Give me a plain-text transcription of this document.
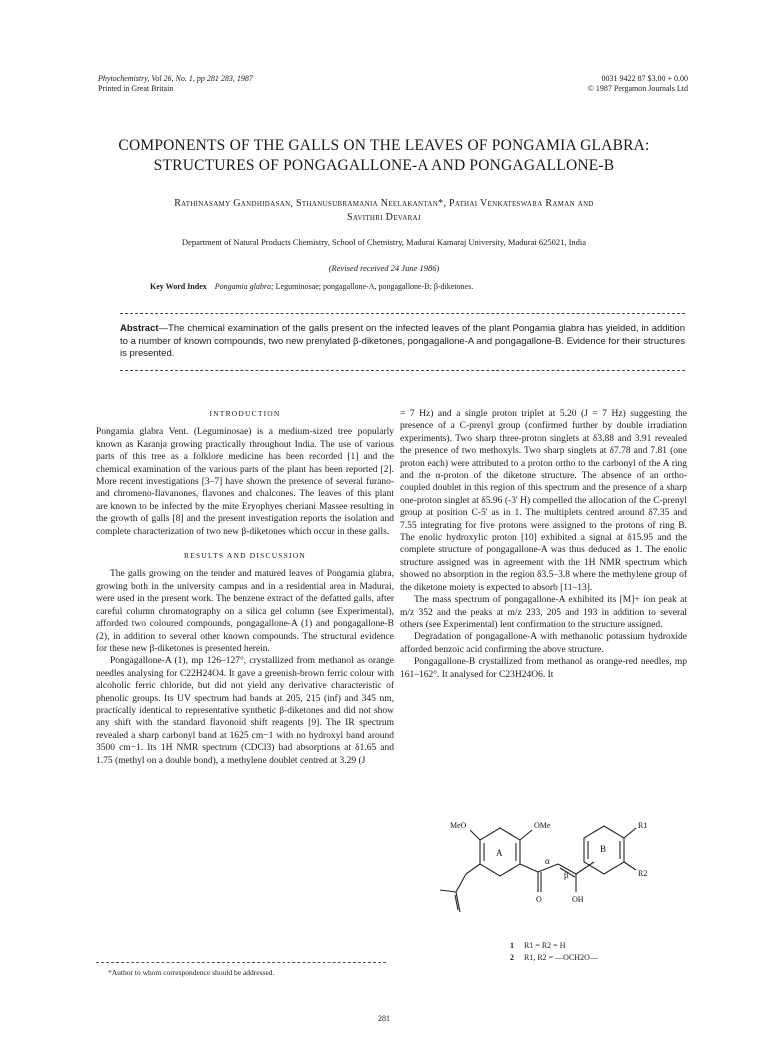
Phytochemistry, Vol 26, No. 1, pp 281 283, 1987
Printed in Great Britain
0031 9422 87 $3.00 + 0.00
© 1987 Pergamon Journals Ltd
COMPONENTS OF THE GALLS ON THE LEAVES OF PONGAMIA GLABRA:
STRUCTURES OF PONGAGALLONE-A AND PONGAGALLONE-B
Rathinasamy Gandhidasan, Sthanusubramania Neelakantan*, Pathai Venkateswara Raman and
Savithri Devaraj
Department of Natural Products Chemistry, School of Chemistry, Madurai Kamaraj University, Madurai 625021, India
(Revised received 24 June 1986)
Key Word Index Pongamia glabra; Leguminosae; pongagallone-A, pongagallone-B; β-diketones.
Abstract—The chemical examination of the galls present on the infected leaves of the plant Pongamia glabra has yielded, in addition to a number of known compounds, two new prenylated β-diketones, pongagallone-A and pongagallone-B. Evidence for their structures is presented.
INTRODUCTION

Pongamia glabra Vent. (Leguminosae) is a medium-sized tree popularly known as Karanja growing practically throughout India. The use of various parts of this tree as a folklore medicine has been recorded [1] and the chemical examination of the various parts of the plant has been reported [2]. More recent investigations [3–7] have shown the presence of several furano- and chromeno-flavanones, flavones and chalcones. The leaves of this plant are known to be infected by the mite Eryophyes cheriani Massee resulting in the growth of galls [8] and the present investigation reports the isolation and complete characterization of two new β-diketones which occur in these galls.

RESULTS AND DISCUSSION

The galls growing on the tender and matured leaves of Pongamia glabra, growing both in the university campus and in a residential area in Madurai, were used in the present work. The benzene extract of the defatted galls, after careful column chromatography on a silica gel column (see Experimental), afforded two coloured compounds, pongagallone-A (1) and pongagallone-B (2), in addition to several other known compounds. The structural evidence for these new β-diketones is presented herein.

Pongagallone-A (1), mp 126–127°, crystallized from methanol as orange needles analysing for C22H24O4. It gave a greenish-brown ferric colour with alcoholic ferric chloride, but did not yield any derivative characteristic of phenolic groups. Its UV spectrum had bands at 205, 215 (inf) and 345 nm, practically identical to representative synthetic β-diketones and did not show any shift with the standard flavonoid shift reagents [9]. The IR spectrum revealed a sharp carbonyl band at 1625 cm−1 with no hydroxyl band around 3500 cm−1. Its 1H NMR spectrum (CDCl3) had absorptions at δ1.65 and 1.75 (methyl on a double bond), a methylene doublet centred at 3.29 (J

= 7 Hz) and a single proton triplet at 5.20 (J = 7 Hz) suggesting the presence of a C-prenyl group (confirmed further by double irradiation experiments). Two sharp three-proton singlets at δ3.88 and 3.91 revealed the presence of two methoxyls. Two sharp singlets at δ7.78 and 7.81 (one proton each) were attributed to a proton ortho to the carbonyl of the A ring and the α-proton of the diketone structure. The absence of an ortho-coupled doublet in this region of this spectrum and the presence of a sharp one-proton singlet at δ5.96 (-3' H) compelled the allocation of the C-prenyl group at position C-5' as in 1. The multiplets centred around δ7.35 and 7.55 integrating for five protons were assigned to the protons of ring B. The enolic hydroxylic proton [10] exhibited a signal at δ15.95 and the complete structure of pongagallone-A was thus deduced as 1. The enolic structure assigned was in agreement with the 1H NMR spectrum which showed no absorption in the region δ3.5–3.8 where the methylene group of the diketone moiety is expected to absorb [11–13].

The mass spectrum of pongagallone-A exhibited its [M]+ ion peak at m/z 352 and the peaks at m/z 233, 205 and 193 in addition to several others (see Experimental) lent confirmation to the structure assigned.

Degradation of pongagallone-A with methanolic potassium hydroxide afforded benzoic acid confirming the above structure.

Pongagallone-B crystallized from methanol as orange-red needles, mp 161–162°. It analysed for C23H24O6. It

MeO	OMe
A	B
α
β
O	OH
R1
R2
1 R1 = R2 = H
2 R1, R2 = —OCH2O—
*Author to whom correspondence should be addressed.
281
